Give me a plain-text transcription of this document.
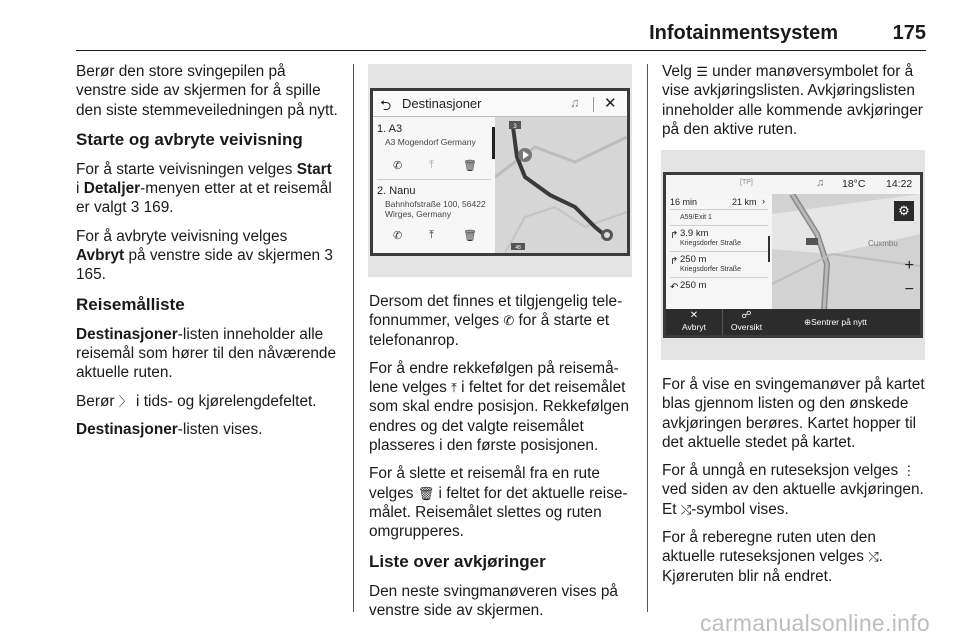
Infotainmentsystem	175

Berør den store svingepilen på venstre side av skjermen for å spille den siste stemmeveiledningen på nytt.

Starte og avbryte veivisning

For å starte veivisningen velges Start i Detaljer-menyen etter at et reisemål er valgt 3 169.

For å avbryte veivisning velges Avbryt på venstre side av skjermen 3 165.

Reisemålliste

Destinasjoner-listen inneholder alle reisemål som hører til den nåværende aktuelle ruten.

Berør 〉 i tids- og kjørelengdefeltet.

Destinasjoner-listen vises.

⮌ Destinasjoner	♫ ✕
1. A3
A3 Mogendorf Germany
✆ ⤒	🗑
2. Nanu
Bahnhofstraße 100, 56422
Wirges, Germany
✆ ⤒	🗑
3
48

Dersom det finnes et tilgjengelig telefonnummer, velges ✆ for å starte et telefonanrop.

For å endre rekkefølgen på reisemålene velges ⤒ i feltet for det reisemålet som skal endre posisjon. Rekkefølgen endres og det valgte reisemålet plasseres i den første posisjonen.

For å slette et reisemål fra en rute velges 🗑 i feltet for det aktuelle reisemålet. Reisemålet slettes og ruten omgrupperes.

Liste over avkjøringer

Den neste svingmanøveren vises på venstre side av skjermen.

Velg ☰ under manøversymbolet for å vise avkjøringslisten. Avkjøringslisten inneholder alle kommende avkjøringer på den aktive ruten.

[TP]	♫ 18°C 14:22
16 min	21 km ›
A59/Exit 1
↱ 3.9 km
Kriegsdorfer Straße
↱ 250 m
Kriegsdorfer Straße
↶ 250 m
Cuxmbu
⚙
+
−
✕
Avbryt
☍
Oversikt	⊕Sentrer på nytt

For å vise en svingemanøver på kartet blas gjennom listen og den ønskede avkjøringen berøres. Kartet hopper til det aktuelle stedet på kartet.

For å unngå en ruteseksjon velges ⋮ ved siden av den aktuelle avkjøringen. Et ⤭-symbol vises.

For å reberegne ruten uten den aktuelle ruteseksjonen velges ⤭. Kjøreruten blir nå endret.

carmanualsonline.info
